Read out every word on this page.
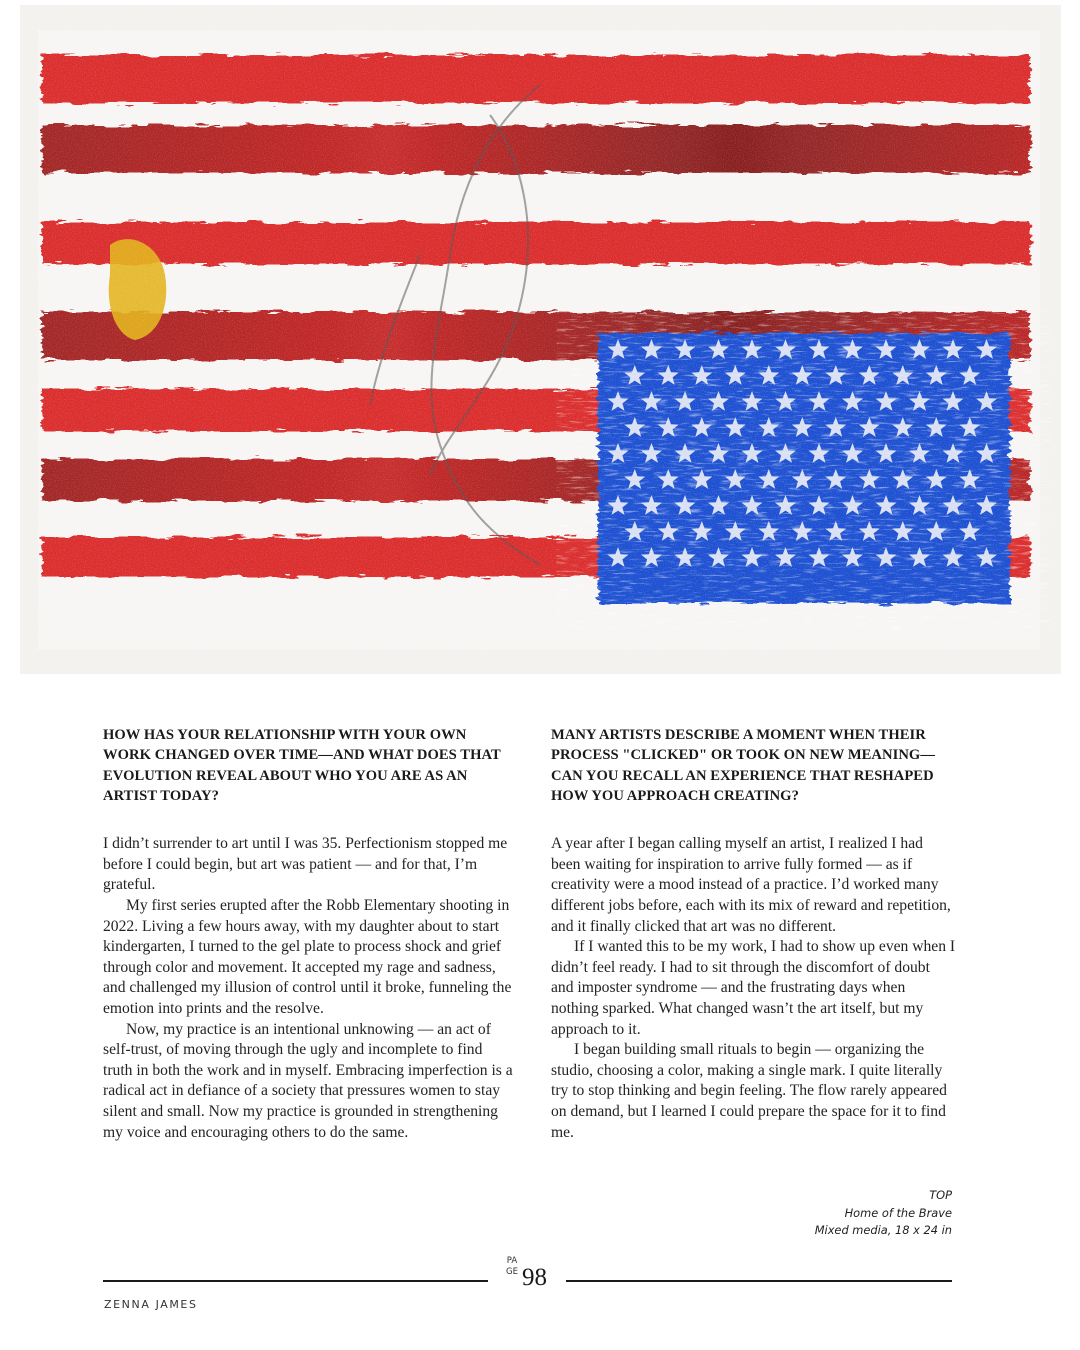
HOW HAS YOUR RELATIONSHIP WITH YOUR OWN WORK CHANGED OVER TIME—AND WHAT DOES THAT EVOLUTION REVEAL ABOUT WHO YOU ARE AS AN ARTIST TODAY?

I didn’t surrender to art until I was 35. Perfectionism stopped me before I could begin, but art was patient — and for that, I’m grateful.

My first series erupted after the Robb Elementary shooting in 2022. Living a few hours away, with my daughter about to start kindergarten, I turned to the gel plate to process shock and grief through color and movement. It accepted my rage and sadness, and challenged my illusion of control until it broke, funneling the emotion into prints and the resolve.

Now, my practice is an intentional unknowing — an act of self-trust, of moving through the ugly and incomplete to find truth in both the work and in myself. Embracing imperfection is a radical act in defiance of a society that pressures women to stay silent and small. Now my practice is grounded in strengthening my voice and encouraging others to do the same.

MANY ARTISTS DESCRIBE A MOMENT WHEN THEIR PROCESS "CLICKED" OR TOOK ON NEW MEANING—CAN YOU RECALL AN EXPERIENCE THAT RESHAPED HOW YOU APPROACH CREATING?

A year after I began calling myself an artist, I realized I had been waiting for inspiration to arrive fully formed — as if creativity were a mood instead of a practice. I’d worked many different jobs before, each with its mix of reward and repetition, and it finally clicked that art was no different.

If I wanted this to be my work, I had to show up even when I didn’t feel ready. I had to sit through the discomfort of doubt and imposter syndrome — and the frustrating days when nothing sparked. What changed wasn’t the art itself, but my approach to it.

I began building small rituals to begin — organizing the studio, choosing a color, making a single mark. I quite literally try to stop thinking and begin feeling. The flow rarely appeared on demand, but I learned I could prepare the space for it to find me.

TOP
Home of the Brave
Mixed media, 18 x 24 in
PAGE 98
ZENNA JAMES
